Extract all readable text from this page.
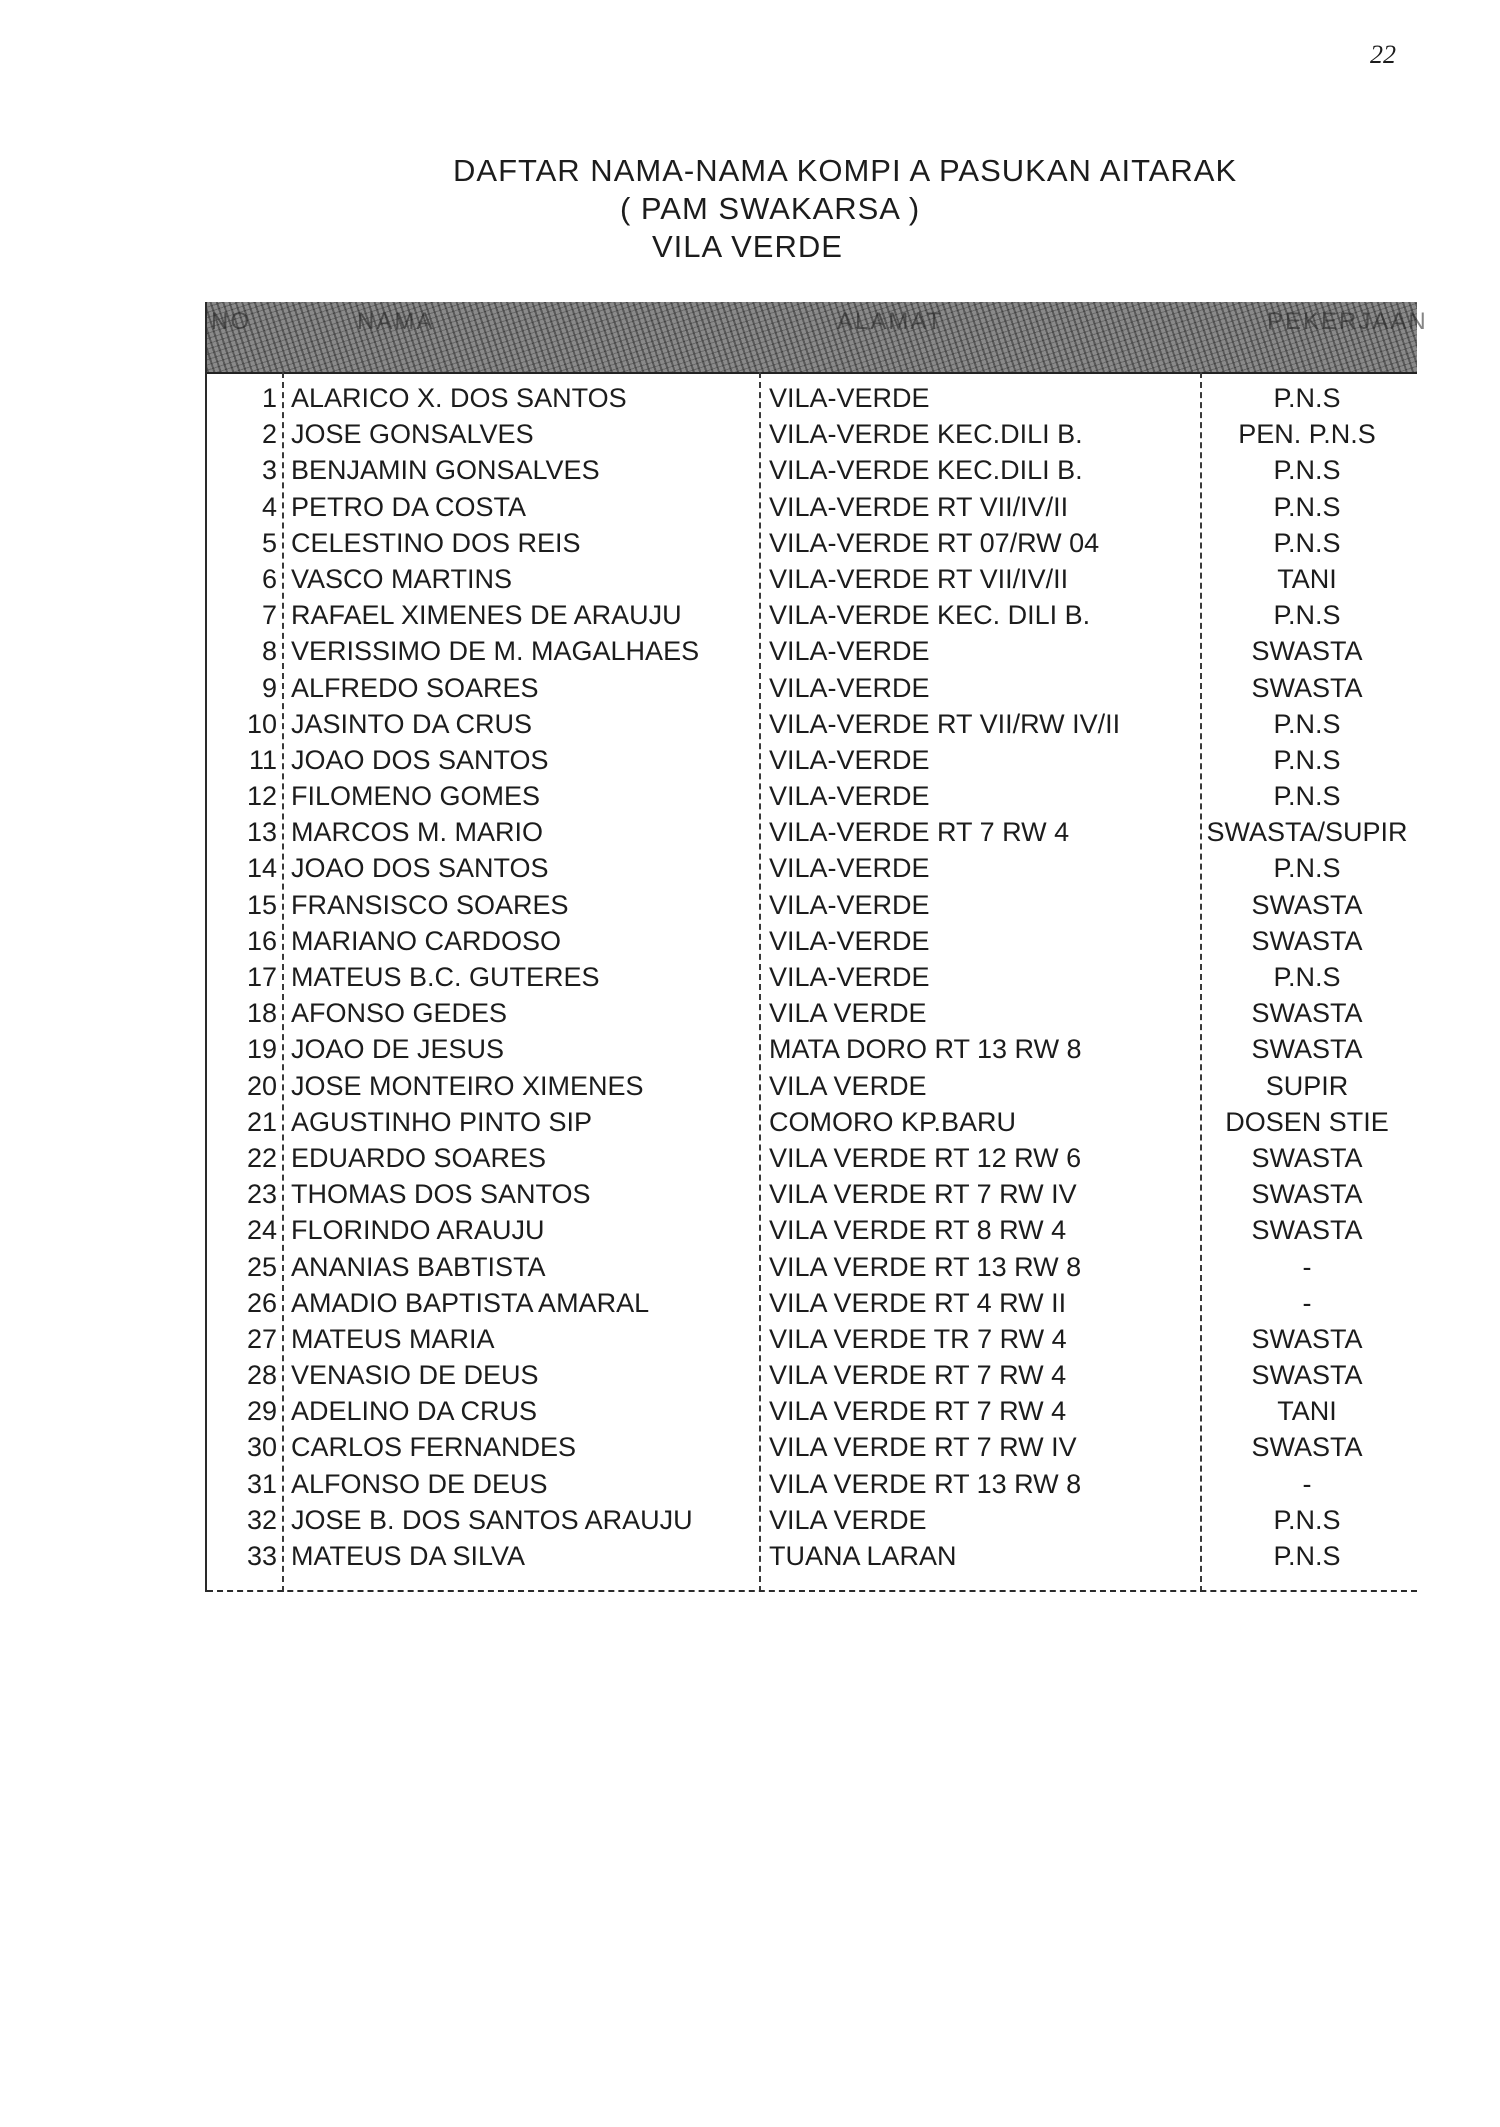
22
DAFTAR NAMA-NAMA KOMPI A PASUKAN AITARAK
( PAM SWAKARSA )
VILA VERDE
NO	NAMA	ALAMAT	PEKERJAAN
1 ALARICO X. DOS SANTOS	VILA-VERDE	P.N.S
2 JOSE GONSALVES	VILA-VERDE KEC.DILI B.	PEN. P.N.S
3 BENJAMIN GONSALVES	VILA-VERDE KEC.DILI B.	P.N.S
4 PETRO DA COSTA	VILA-VERDE RT VII/IV/II	P.N.S
5 CELESTINO DOS REIS	VILA-VERDE RT 07/RW 04	P.N.S
6 VASCO MARTINS	VILA-VERDE RT VII/IV/II	TANI
7 RAFAEL XIMENES DE ARAUJU	VILA-VERDE KEC. DILI B.	P.N.S
8 VERISSIMO DE M. MAGALHAES	VILA-VERDE	SWASTA
9 ALFREDO SOARES	VILA-VERDE	SWASTA
10 JASINTO DA CRUS	VILA-VERDE RT VII/RW IV/II	P.N.S
11 JOAO DOS SANTOS	VILA-VERDE	P.N.S
12 FILOMENO GOMES	VILA-VERDE	P.N.S
13 MARCOS M. MARIO	VILA-VERDE RT 7 RW 4	SWASTA/SUPIR
14 JOAO DOS SANTOS	VILA-VERDE	P.N.S
15 FRANSISCO SOARES	VILA-VERDE	SWASTA
16 MARIANO CARDOSO	VILA-VERDE	SWASTA
17 MATEUS B.C. GUTERES	VILA-VERDE	P.N.S
18 AFONSO GEDES	VILA VERDE	SWASTA
19 JOAO DE JESUS	MATA DORO RT 13 RW 8	SWASTA
20 JOSE MONTEIRO XIMENES	VILA VERDE	SUPIR
21 AGUSTINHO PINTO SIP	COMORO KP.BARU	DOSEN STIE
22 EDUARDO SOARES	VILA VERDE RT 12 RW 6	SWASTA
23 THOMAS DOS SANTOS	VILA VERDE RT 7 RW IV	SWASTA
24 FLORINDO ARAUJU	VILA VERDE RT 8 RW 4	SWASTA
25 ANANIAS BABTISTA	VILA VERDE RT 13 RW 8	-
26 AMADIO BAPTISTA AMARAL	VILA VERDE RT 4 RW II	-
27 MATEUS MARIA	VILA VERDE TR 7 RW 4	SWASTA
28 VENASIO DE DEUS	VILA VERDE RT 7 RW 4	SWASTA
29 ADELINO DA CRUS	VILA VERDE RT 7 RW 4	TANI
30 CARLOS FERNANDES	VILA VERDE RT 7 RW IV	SWASTA
31 ALFONSO DE DEUS	VILA VERDE RT 13 RW 8	-
32 JOSE B. DOS SANTOS ARAUJU	VILA VERDE	P.N.S
33 MATEUS DA SILVA	TUANA LARAN	P.N.S
